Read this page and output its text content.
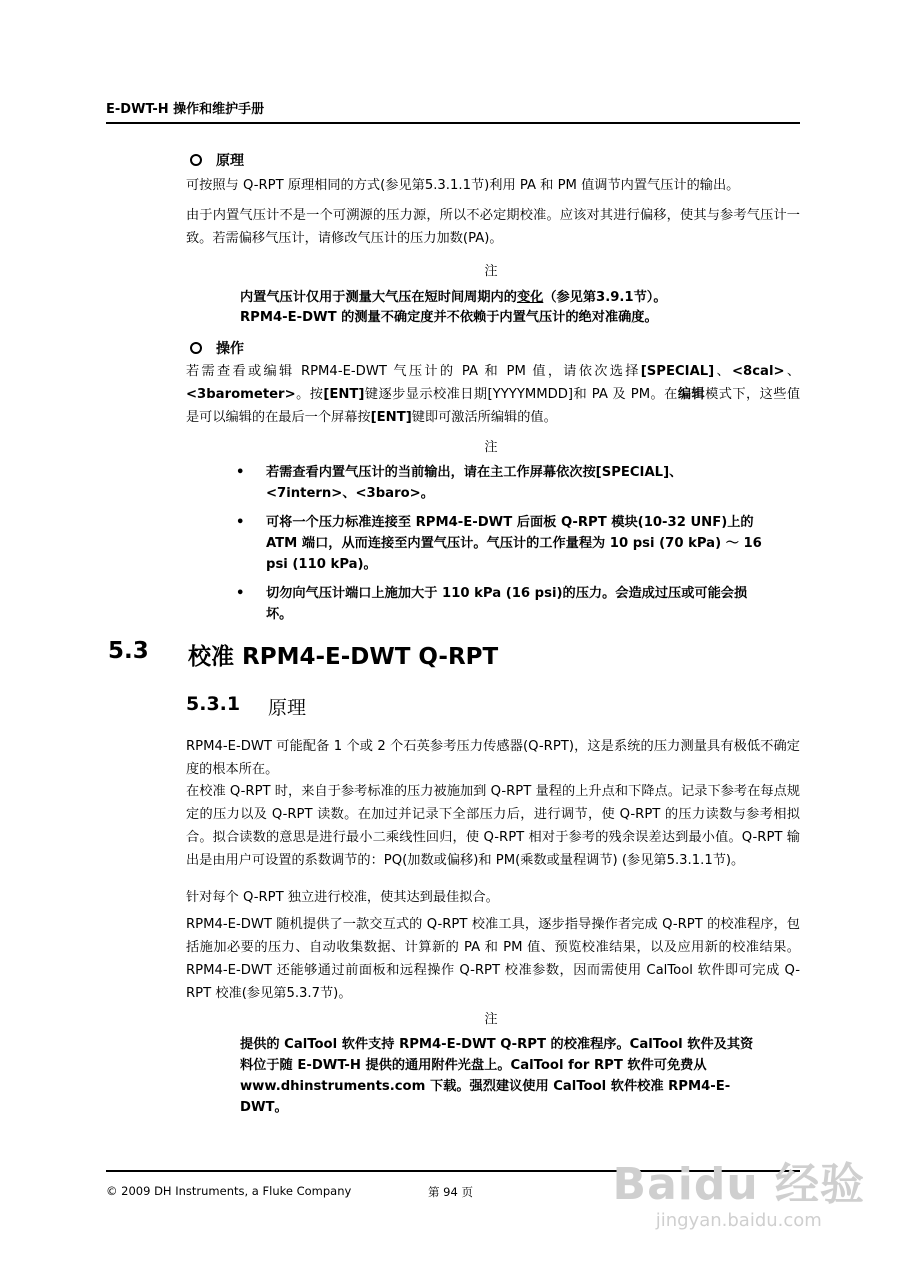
E-DWT-H 操作和维护手册
原理

可按照与 Q-RPT 原理相同的方式(参见第5.3.1.1节)利用 PA 和 PM 值调节内置气压计的输出。

由于内置气压计不是一个可溯源的压力源，所以不必定期校准。应该对其进行偏移，使其与参考气压计一致。若需偏移气压计，请修改气压计的压力加数(PA)。

注

内置气压计仅用于测量大气压在短时间周期内的变化（参见第3.9.1节）。

RPM4-E-DWT 的测量不确定度并不依赖于内置气压计的绝对准确度。

操作

若需查看或编辑 RPM4-E-DWT 气压计的 PA 和 PM 值，请依次选择[SPECIAL]、<8cal>、<3barometer>。按[ENT]键逐步显示校准日期[YYYYMMDD]和 PA 及 PM。在编辑模式下，这些值是可以编辑的在最后一个屏幕按[ENT]键即可激活所编辑的值。

注
•	若需查看内置气压计的当前输出，请在主工作屏幕依次按[SPECIAL]、<7intern>、<3baro>。
•	可将一个压力标准连接至 RPM4-E-DWT 后面板 Q-RPT 模块(10-32 UNF)上的 ATM 端口，从而连接至内置气压计。气压计的工作量程为 10 psi (70 kPa) ～ 16 psi (110 kPa)。
•	切勿向气压计端口上施加大于 110 kPa (16 psi)的压力。会造成过压或可能会损坏。
5.3	校准 RPM4-E-DWT Q-RPT
5.3.1	原理

RPM4-E-DWT 可能配备 1 个或 2 个石英参考压力传感器(Q-RPT)，这是系统的压力测量具有极低不确定度的根本所在。

在校准 Q-RPT 时，来自于参考标准的压力被施加到 Q-RPT 量程的上升点和下降点。记录下参考在每点规定的压力以及 Q-RPT 读数。在加过并记录下全部压力后，进行调节，使 Q-RPT 的压力读数与参考相拟合。拟合读数的意思是进行最小二乘线性回归，使 Q-RPT 相对于参考的残余误差达到最小值。Q-RPT 输出是由用户可设置的系数调节的：PQ(加数或偏移)和 PM(乘数或量程调节) (参见第5.3.1.1节)。

针对每个 Q-RPT 独立进行校准，使其达到最佳拟合。

RPM4-E-DWT 随机提供了一款交互式的 Q-RPT 校准工具，逐步指导操作者完成 Q-RPT 的校准程序，包括施加必要的压力、自动收集数据、计算新的 PA 和 PM 值、预览校准结果，以及应用新的校准结果。RPM4-E-DWT 还能够通过前面板和远程操作 Q-RPT 校准参数，因而需使用 CalTool 软件即可完成 Q-RPT 校准(参见第5.3.7节)。

注
提供的 CalTool 软件支持 RPM4-E-DWT Q-RPT 的校准程序。CalTool 软件及其资料位于随 E-DWT-H 提供的通用附件光盘上。CalTool for RPT 软件可免费从 www.dhinstruments.com 下载。强烈建议使用 CalTool 软件校准 RPM4-E-DWT。
© 2009 DH Instruments, a Fluke Company	第 94 页	Baidu 经验
jingyan.baidu.com
